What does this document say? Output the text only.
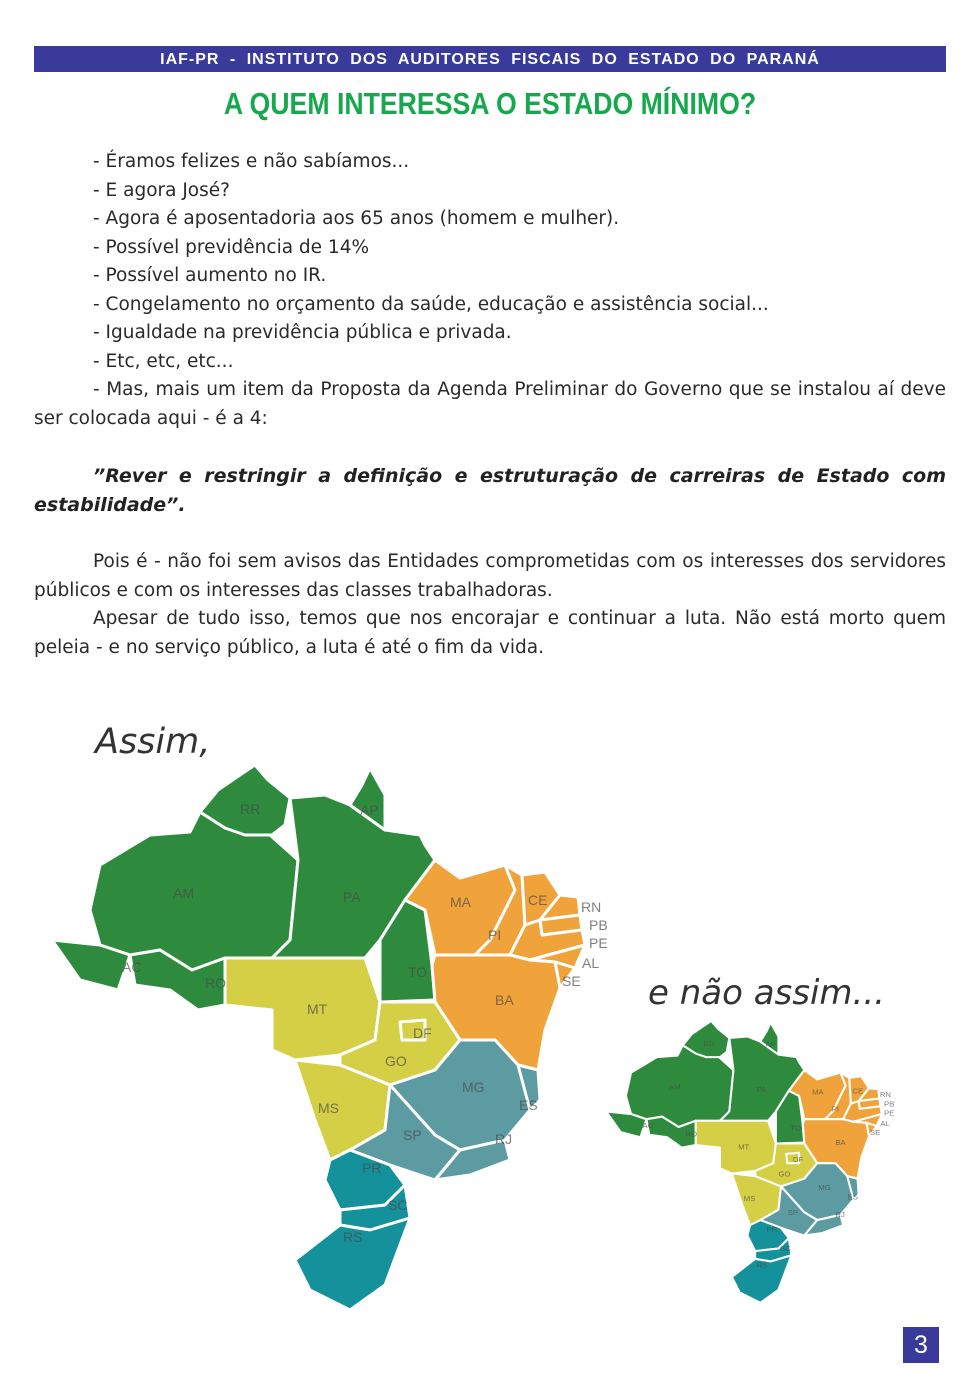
IAF-PR - INSTITUTO DOS AUDITORES FISCAIS DO ESTADO DO PARANÁ
A QUEM INTERESSA O ESTADO MÍNIMO?
- Éramos felizes e não sabíamos...
- E agora José?
- Agora é aposentadoria aos 65 anos (homem e mulher).
- Possível previdência de 14%
- Possível aumento no IR.
- Congelamento no orçamento da saúde, educação e assistência social...
- Igualdade na previdência pública e privada.
- Etc, etc, etc...

- Mas, mais um item da Proposta da Agenda Preliminar do Governo que se instalou aí deve ser colocada aqui - é a 4:

”Rever e restringir a definição e estruturação de carreiras de Estado com estabilidade”.

Pois é - não foi sem avisos das Entidades comprometidas com os interesses dos servidores públicos e com os interesses das classes trabalhadoras.

Apesar de tudo isso, temos que nos encorajar e continuar a luta. Não está morto quem peleia - e no serviço público, a luta é até o fim da vida.

Assim,
e não assim...
AM
RR
AC
RO
PA
AP
TO
MA
PI
CE RN
PB
PE
AL
SE
BA
MT
GO
DF
MS
MG
ES
SP	RJ
PR
SC
RS
AM
RR
AC
RO
PA
AP
TO
MA
PI
CE RN
PB
PE
AL
SE
BA
MT
GO
DF
MS
MG
ES
SP RJ
PR
SC
RS
3
